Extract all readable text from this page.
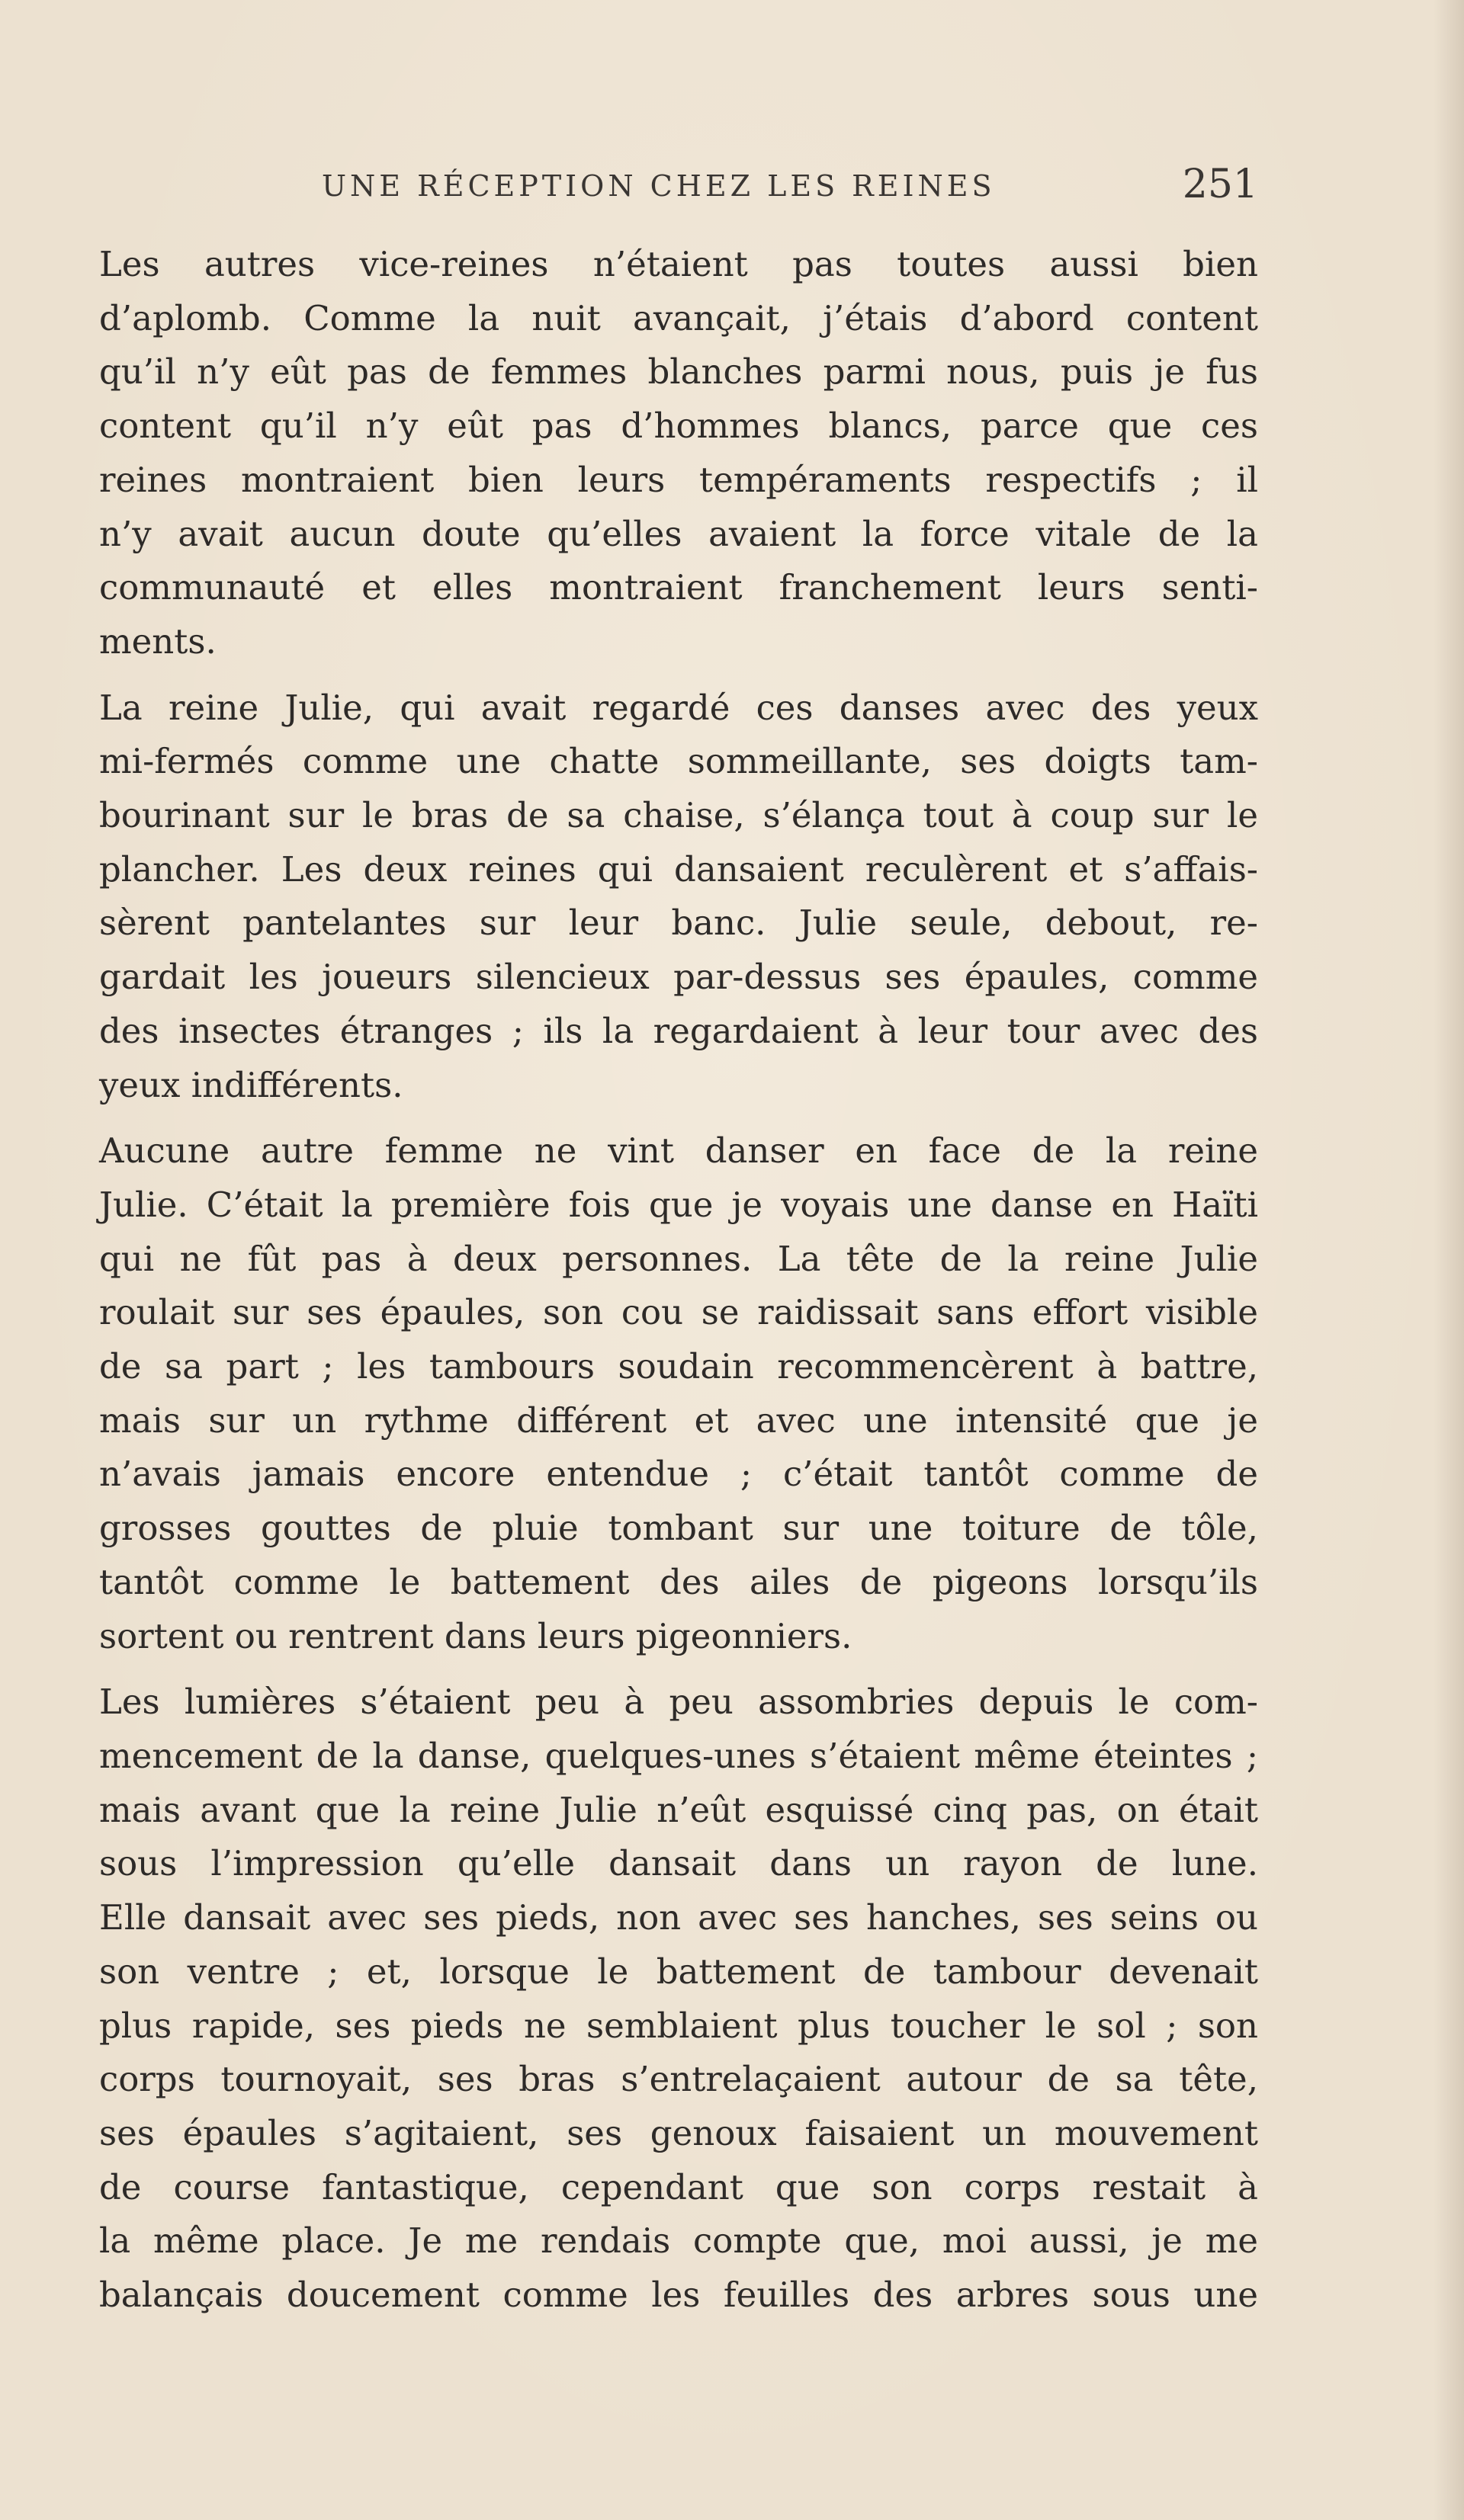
UNE RÉCEPTION CHEZ LES REINES	251

Les autres vice-reines n’étaient pas toutes aussi bien
d’aplomb. Comme la nuit avançait, j’étais d’abord content
qu’il n’y eût pas de femmes blanches parmi nous, puis je fus
content qu’il n’y eût pas d’hommes blancs, parce que ces
reines montraient bien leurs tempéraments respectifs ; il
n’y avait aucun doute qu’elles avaient la force vitale de la
communauté et elles montraient franchement leurs senti-
ments.

La reine Julie, qui avait regardé ces danses avec des yeux
mi-fermés comme une chatte sommeillante, ses doigts tam-
bourinant sur le bras de sa chaise, s’élança tout à coup sur le
plancher. Les deux reines qui dansaient reculèrent et s’affais-
sèrent pantelantes sur leur banc. Julie seule, debout, re-
gardait les joueurs silencieux par-dessus ses épaules, comme
des insectes étranges ; ils la regardaient à leur tour avec des
yeux indifférents.

Aucune autre femme ne vint danser en face de la reine
Julie. C’était la première fois que je voyais une danse en Haïti
qui ne fût pas à deux personnes. La tête de la reine Julie
roulait sur ses épaules, son cou se raidissait sans effort visible
de sa part ; les tambours soudain recommencèrent à battre,
mais sur un rythme différent et avec une intensité que je
n’avais jamais encore entendue ; c’était tantôt comme de
grosses gouttes de pluie tombant sur une toiture de tôle,
tantôt comme le battement des ailes de pigeons lorsqu’ils
sortent ou rentrent dans leurs pigeonniers.

Les lumières s’étaient peu à peu assombries depuis le com-
mencement de la danse, quelques-unes s’étaient même éteintes ;
mais avant que la reine Julie n’eût esquissé cinq pas, on était
sous l’impression qu’elle dansait dans un rayon de lune.
Elle dansait avec ses pieds, non avec ses hanches, ses seins ou
son ventre ; et, lorsque le battement de tambour devenait
plus rapide, ses pieds ne semblaient plus toucher le sol ; son
corps tournoyait, ses bras s’entrelaçaient autour de sa tête,
ses épaules s’agitaient, ses genoux faisaient un mouvement
de course fantastique, cependant que son corps restait à
la même place. Je me rendais compte que, moi aussi, je me
balançais doucement comme les feuilles des arbres sous une
